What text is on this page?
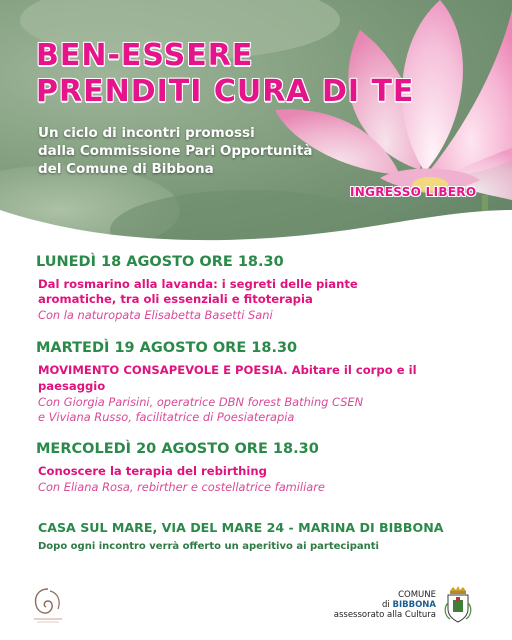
BEN-ESSERE
PRENDITI CURA DI TE
Un ciclo di incontri promossi
dalla Commissione Pari Opportunità
del Comune di Bibbona
INGRESSO LIBERO
LUNEDÌ 18 AGOSTO ORE 18.30
Dal rosmarino alla lavanda: i segreti delle piante
aromatiche, tra oli essenziali e fitoterapia
Con la naturopata Elisabetta Basetti Sani
MARTEDÌ 19 AGOSTO ORE 18.30
MOVIMENTO CONSAPEVOLE E POESIA. Abitare il corpo e il
paesaggio
Con Giorgia Parisini, operatrice DBN forest Bathing CSEN
e Viviana Russo, facilitatrice di Poesiaterapia
MERCOLEDÌ 20 AGOSTO ORE 18.30
Conoscere la terapia del rebirthing
Con Eliana Rosa, rebirther e costellatrice familiare
CASA SUL MARE, VIA DEL MARE 24 - MARINA DI BIBBONA
Dopo ogni incontro verrà offerto un aperitivo ai partecipanti
COMUNE
di BIBBONA
assessorato alla Cultura
